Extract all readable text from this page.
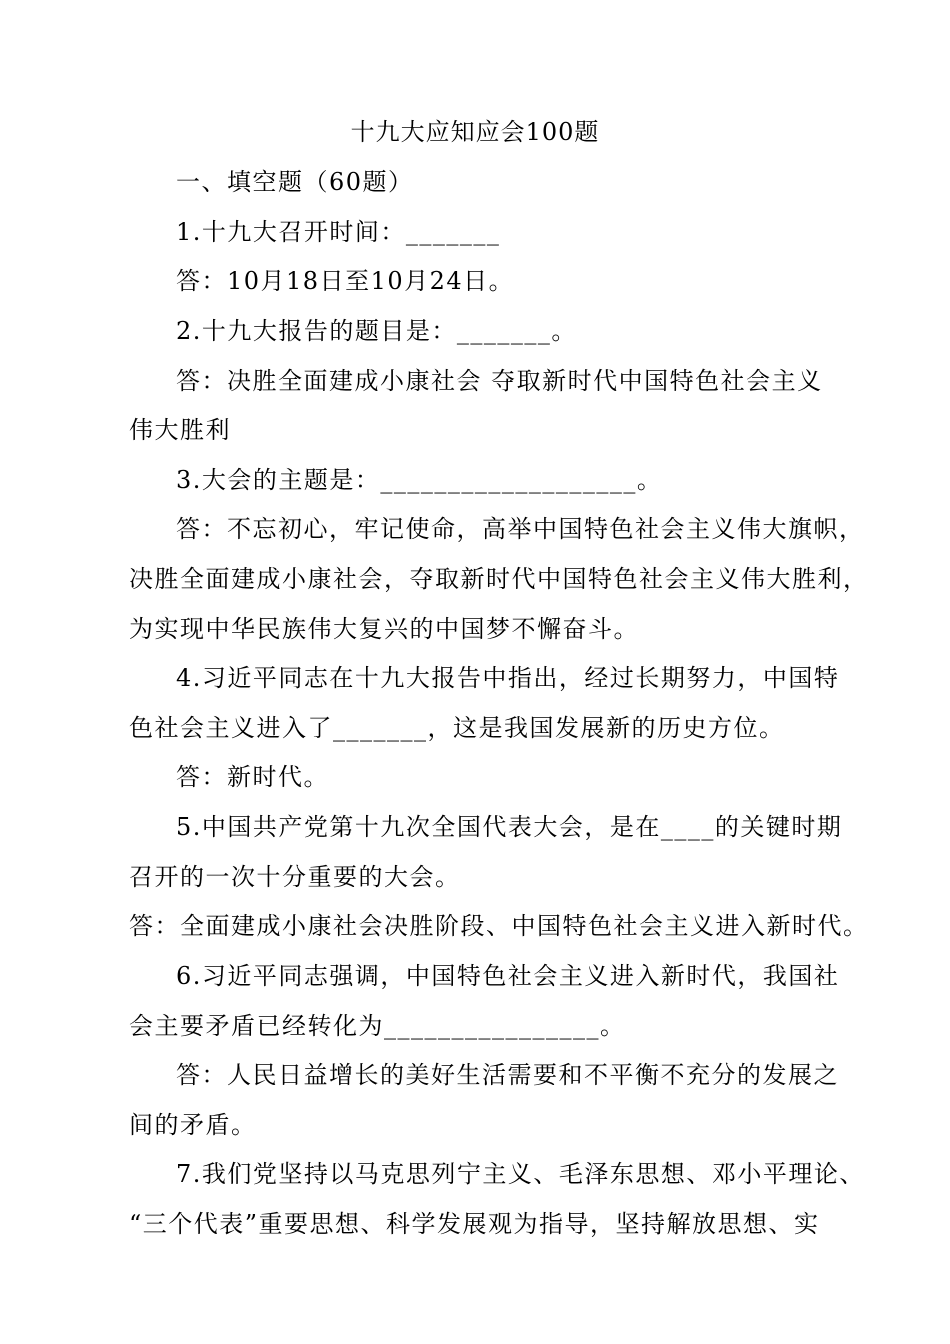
十九大应知应会100题
一、填空题（60题）
1.十九大召开时间：_______
答：10月18日至10月24日。
2.十九大报告的题目是：_______。
答：决胜全面建成小康社会 夺取新时代中国特色社会主义
伟大胜利
3.大会的主题是：___________________。
答：不忘初心，牢记使命，高举中国特色社会主义伟大旗帜，
决胜全面建成小康社会，夺取新时代中国特色社会主义伟大胜利，
为实现中华民族伟大复兴的中国梦不懈奋斗。
4.习近平同志在十九大报告中指出，经过长期努力，中国特
色社会主义进入了_______，这是我国发展新的历史方位。
答：新时代。
5.中国共产党第十九次全国代表大会，是在____的关键时期
召开的一次十分重要的大会。
答：全面建成小康社会决胜阶段、中国特色社会主义进入新时代。
6.习近平同志强调，中国特色社会主义进入新时代，我国社
会主要矛盾已经转化为________________。
答：人民日益增长的美好生活需要和不平衡不充分的发展之
间的矛盾。
7.我们党坚持以马克思列宁主义、毛泽东思想、邓小平理论、
“三个代表”重要思想、科学发展观为指导，坚持解放思想、实
